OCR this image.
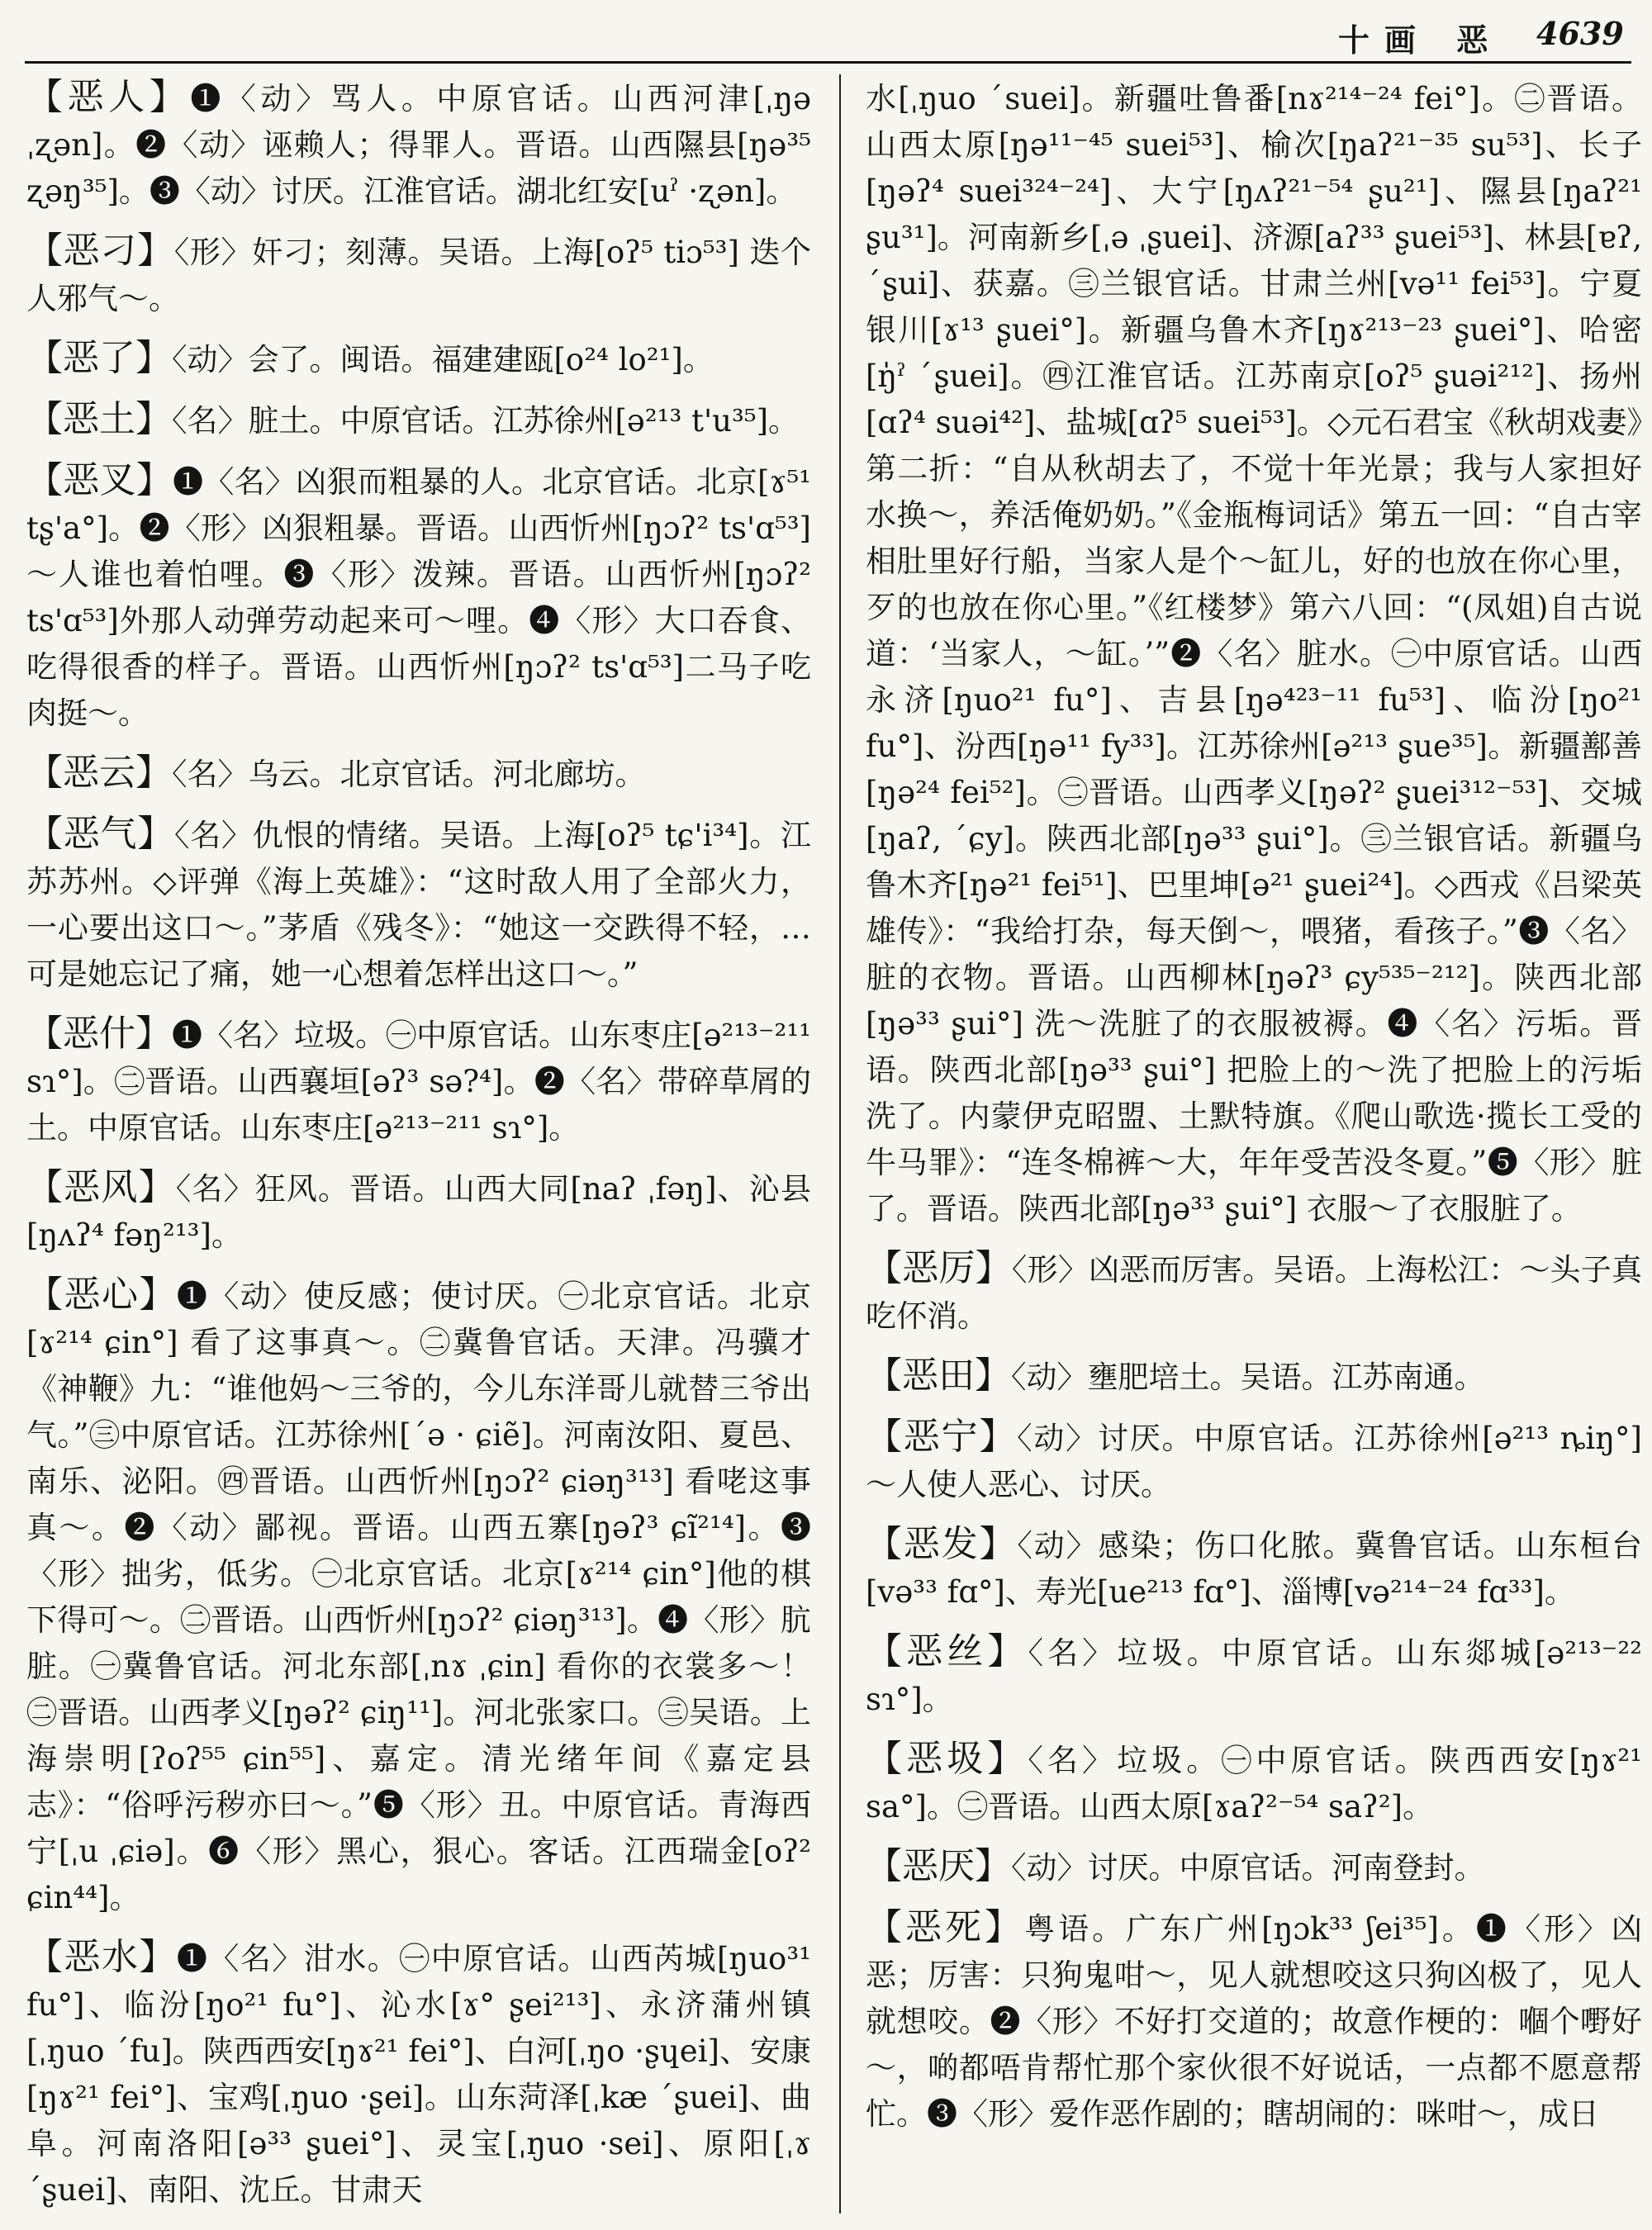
十画 恶 4639

【恶人】❶〈动〉骂人。中原官话。山西河津[ˌŋə ˌʐən]。❷〈动〉诬赖人；得罪人。晋语。山西隰县[ŋə³⁵ ʐəŋ³⁵]。❸〈动〉讨厌。江淮官话。湖北红安[uˀ ·ʐən]。

【恶刁】〈形〉奸刁；刻薄。吴语。上海[oʔ⁵ tiɔ⁵³] 迭个人邪气～。

【恶了】〈动〉会了。闽语。福建建瓯[o²⁴ lo²¹]。

【恶土】〈名〉脏土。中原官话。江苏徐州[ə²¹³ t'u³⁵]。

【恶叉】❶〈名〉凶狠而粗暴的人。北京官话。北京[ɤ⁵¹ tʂ'a°]。❷〈形〉凶狠粗暴。晋语。山西忻州[ŋɔʔ² ts'ɑ⁵³]～人谁也着怕哩。❸〈形〉泼辣。晋语。山西忻州[ŋɔʔ² ts'ɑ⁵³]外那人动弹劳动起来可～哩。❹〈形〉大口吞食、吃得很香的样子。晋语。山西忻州[ŋɔʔ² ts'ɑ⁵³]二马子吃肉挺～。

【恶云】〈名〉乌云。北京官话。河北廊坊。

【恶气】〈名〉仇恨的情绪。吴语。上海[oʔ⁵ tɕ'i³⁴]。江苏苏州。◇评弹《海上英雄》：“这时敌人用了全部火力，一心要出这口～。”茅盾《残冬》：“她这一交跌得不轻，…可是她忘记了痛，她一心想着怎样出这口～。”

【恶什】❶〈名〉垃圾。㊀中原官话。山东枣庄[ə²¹³⁻²¹¹ sɿ°]。㊁晋语。山西襄垣[əʔ³ sə?⁴]。❷〈名〉带碎草屑的土。中原官话。山东枣庄[ə²¹³⁻²¹¹ sɿ°]。

【恶风】〈名〉狂风。晋语。山西大同[naʔ ˌfəŋ]、沁县[ŋʌʔ⁴ fəŋ²¹³]。

【恶心】❶〈动〉使反感；使讨厌。㊀北京官话。北京[ɤ²¹⁴ ɕin°] 看了这事真～。㊁冀鲁官话。天津。冯骥才《神鞭》九：“谁他妈～三爷的，今儿东洋哥儿就替三爷出气。”㊂中原官话。江苏徐州[ˊə · ɕiẽ]。河南汝阳、夏邑、南乐、泌阳。㊃晋语。山西忻州[ŋɔʔ² ɕiəŋ³¹³] 看咾这事真～。❷〈动〉鄙视。晋语。山西五寨[ŋəʔ³ ɕĩ²¹⁴]。❸〈形〉拙劣，低劣。㊀北京官话。北京[ɤ²¹⁴ ɕin°]他的棋下得可～。㊁晋语。山西忻州[ŋɔʔ² ɕiəŋ³¹³]。❹〈形〉肮脏。㊀冀鲁官话。河北东部[ˌnɤ ˌɕin] 看你的衣裳多～！㊁晋语。山西孝义[ŋəʔ² ɕiŋ¹¹]。河北张家口。㊂吴语。上海崇明[ʔoʔ⁵⁵ ɕin⁵⁵]、嘉定。清光绪年间《嘉定县志》：“俗呼污秽亦曰～。”❺〈形〉丑。中原官话。青海西宁[ˌu ˌɕiə]。❻〈形〉黑心，狠心。客话。江西瑞金[oʔ² ɕin⁴⁴]。

【恶水】❶〈名〉泔水。㊀中原官话。山西芮城[ŋuo³¹ fu°]、临汾[ŋo²¹ fu°]、沁水[ɤ° ʂei²¹³]、永济蒲州镇[ˌŋuo ˊfu]。陕西西安[ŋɤ²¹ fei°]、白河[ˌŋo ·ʂɥei]、安康[ŋɤ²¹ fei°]、宝鸡[ˌŋuo ·ʂei]。山东菏泽[ˌkæ ˊʂuei]、曲阜。河南洛阳[ə³³ ʂuei°]、灵宝[ˌŋuo ·sei]、原阳[ˌɤ ˊʂuei]、南阳、沈丘。甘肃天

水[ˌŋuo ˊsuei]。新疆吐鲁番[nɤ²¹⁴⁻²⁴ fei°]。㊁晋语。山西太原[ŋə¹¹⁻⁴⁵ suei⁵³]、榆次[ŋaʔ²¹⁻³⁵ su⁵³]、长子[ŋəʔ⁴ suei³²⁴⁻²⁴]、大宁[ŋʌʔ²¹⁻⁵⁴ ʂu²¹]、隰县[ŋaʔ²¹ ʂu³¹]。河南新乡[ˌə ˌʂuei]、济源[aʔ³³ ʂuei⁵³]、林县[ɐʔ, ˊʂui]、获嘉。㊂兰银官话。甘肃兰州[və¹¹ fei⁵³]。宁夏银川[ɤ¹³ ʂuei°]。新疆乌鲁木齐[ŋɤ²¹³⁻²³ ʂuei°]、哈密[ŋ̍ˀ ˊʂuei]。㊃江淮官话。江苏南京[oʔ⁵ ʂuəi²¹²]、扬州[ɑʔ⁴ suəi⁴²]、盐城[ɑʔ⁵ suei⁵³]。◇元石君宝《秋胡戏妻》第二折：“自从秋胡去了，不觉十年光景；我与人家担好水换～，养活俺奶奶。”《金瓶梅词话》第五一回：“自古宰相肚里好行船，当家人是个～缸儿，好的也放在你心里，歹的也放在你心里。”《红楼梦》第六八回：“(凤姐)自古说道：‘当家人，～缸。’”❷〈名〉脏水。㊀中原官话。山西永济[ŋuo²¹ fu°]、吉县[ŋə⁴²³⁻¹¹ fu⁵³]、临汾[ŋo²¹ fu°]、汾西[ŋə¹¹ fy³³]。江苏徐州[ə²¹³ ʂue³⁵]。新疆鄯善[ŋə²⁴ fei⁵²]。㊁晋语。山西孝义[ŋəʔ² ʂuei³¹²⁻⁵³]、交城[ŋaʔ, ˊɕy]。陕西北部[ŋə³³ ʂui°]。㊂兰银官话。新疆乌鲁木齐[ŋə²¹ fei⁵¹]、巴里坤[ə²¹ ʂuei²⁴]。◇西戎《吕梁英雄传》：“我给打杂，每天倒～，喂猪，看孩子。”❸〈名〉脏的衣物。晋语。山西柳林[ŋəʔ³ ɕy⁵³⁵⁻²¹²]。陕西北部[ŋə³³ ʂui°] 洗～洗脏了的衣服被褥。❹〈名〉污垢。晋语。陕西北部[ŋə³³ ʂui°] 把脸上的～洗了把脸上的污垢洗了。内蒙伊克昭盟、土默特旗。《爬山歌选·揽长工受的牛马罪》：“连冬棉裤～大，年年受苦没冬夏。”❺〈形〉脏了。晋语。陕西北部[ŋə³³ ʂui°] 衣服～了衣服脏了。

【恶厉】〈形〉凶恶而厉害。吴语。上海松江：～头子真吃伓消。

【恶田】〈动〉壅肥培土。吴语。江苏南通。

【恶宁】〈动〉讨厌。中原官话。江苏徐州[ə²¹³ ȵiŋ°] ～人使人恶心、讨厌。

【恶发】〈动〉感染；伤口化脓。冀鲁官话。山东桓台[və³³ fɑ°]、寿光[ue²¹³ fɑ°]、淄博[və²¹⁴⁻²⁴ fɑ³³]。

【恶丝】〈名〉垃圾。中原官话。山东郯城[ə²¹³⁻²² sɿ°]。

【恶圾】〈名〉垃圾。㊀中原官话。陕西西安[ŋɤ²¹ sa°]。㊁晋语。山西太原[ɤaʔ²⁻⁵⁴ saʔ²]。

【恶厌】〈动〉讨厌。中原官话。河南登封。

【恶死】粤语。广东广州[ŋɔk³³ ʃei³⁵]。❶〈形〉凶恶；厉害：只狗鬼咁～，见人就想咬这只狗凶极了，见人就想咬。❷〈形〉不好打交道的；故意作梗的：嗰个嘢好～，啲都唔肯帮忙那个家伙很不好说话，一点都不愿意帮忙。❸〈形〉爱作恶作剧的；瞎胡闹的：咪咁～，成日
